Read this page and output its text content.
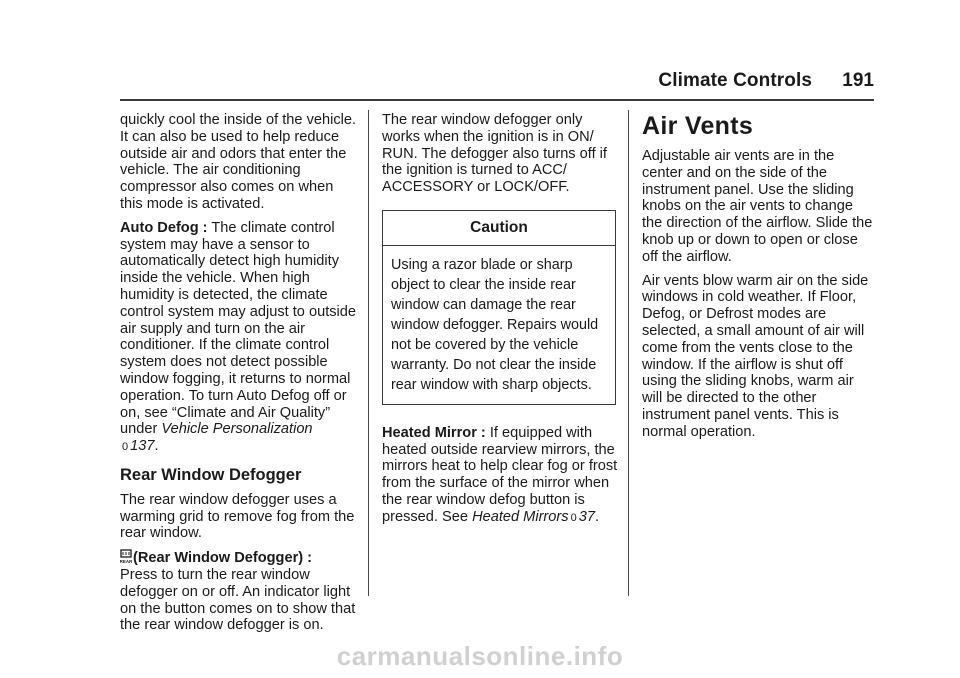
Climate Controls 191

quickly cool the inside of the vehicle. It can also be used to help reduce outside air and odors that enter the vehicle. The air conditioning compressor also comes on when this mode is activated.

Auto Defog : The climate control system may have a sensor to automatically detect high humidity inside the vehicle. When high humidity is detected, the climate control system may adjust to outside air supply and turn on the air conditioner. If the climate control system does not detect possible window fogging, it returns to normal operation. To turn Auto Defog off or on, see “Climate and Air Quality” under Vehicle Personalization
0 137.

Rear Window Defogger

The rear window defogger uses a warming grid to remove fog from the rear window.

REAR (Rear Window Defogger) :
Press to turn the rear window defogger on or off. An indicator light on the button comes on to show that the rear window defogger is on.

The rear window defogger only works when the ignition is in ON/ RUN. The defogger also turns off if the ignition is turned to ACC/ ACCESSORY or LOCK/OFF.

Caution
Using a razor blade or sharp object to clear the inside rear window can damage the rear window defogger. Repairs would not be covered by the vehicle warranty. Do not clear the inside rear window with sharp objects.

Heated Mirror : If equipped with heated outside rearview mirrors, the mirrors heat to help clear fog or frost from the surface of the mirror when the rear window defog button is pressed. See Heated Mirrors 0 37.

Air Vents

Adjustable air vents are in the center and on the side of the instrument panel. Use the sliding knobs on the air vents to change the direction of the airflow. Slide the knob up or down to open or close off the airflow.

Air vents blow warm air on the side windows in cold weather. If Floor, Defog, or Defrost modes are selected, a small amount of air will come from the vents close to the window. If the airflow is shut off using the sliding knobs, warm air will be directed to the other instrument panel vents. This is normal operation.

carmanualsonline.info
